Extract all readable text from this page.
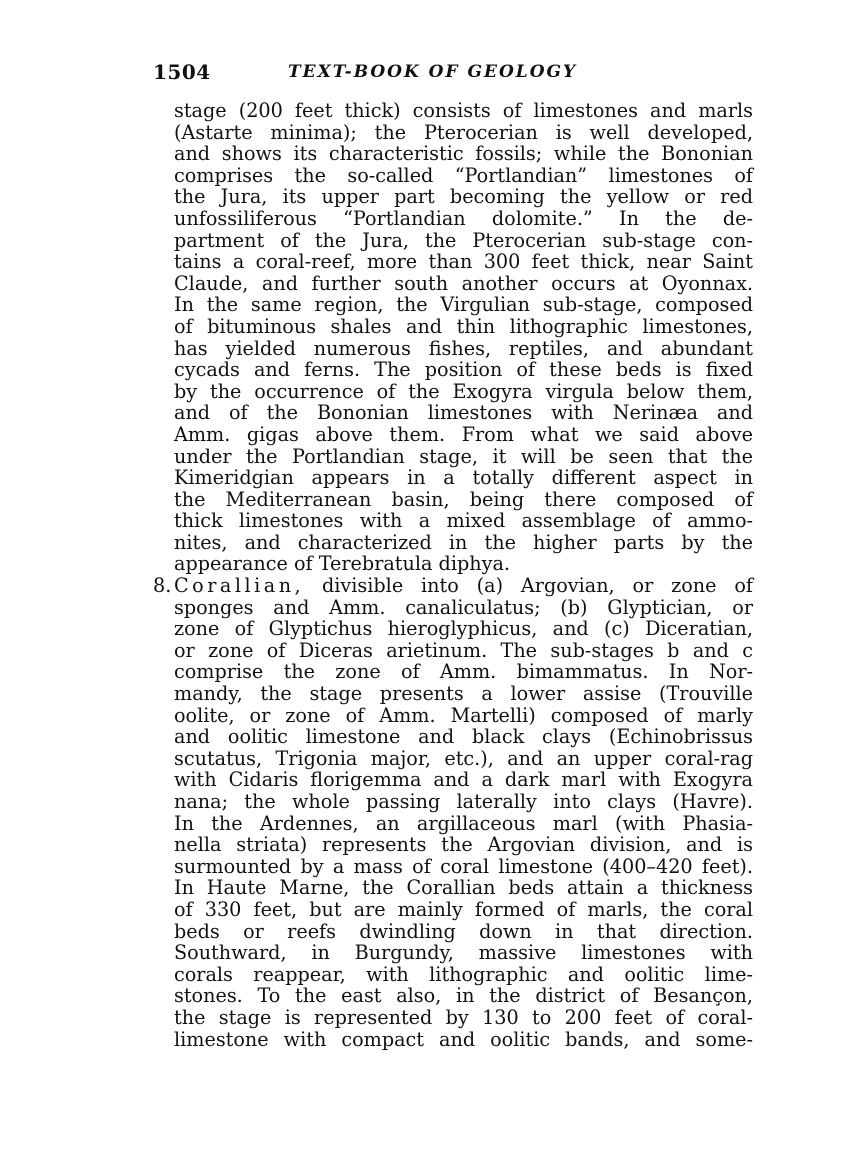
1504	TEXT-BOOK OF GEOLOGY
stage (200 feet thick) consists of limestones and marls
(Astarte minima); the Pterocerian is well developed,
and shows its characteristic fossils; while the Bononian
comprises the so-called “Portlandian” limestones of
the Jura, its upper part becoming the yellow or red
unfossiliferous “Portlandian dolomite.” In the de-
partment of the Jura, the Pterocerian sub-stage con-
tains a coral-reef, more than 300 feet thick, near Saint
Claude, and further south another occurs at Oyonnax.
In the same region, the Virgulian sub-stage, composed
of bituminous shales and thin lithographic limestones,
has yielded numerous fishes, reptiles, and abundant
cycads and ferns. The position of these beds is fixed
by the occurrence of the Exogyra virgula below them,
and of the Bononian limestones with Nerinæa and
Amm. gigas above them. From what we said above
under the Portlandian stage, it will be seen that the
Kimeridgian appears in a totally different aspect in
the Mediterranean basin, being there composed of
thick limestones with a mixed assemblage of ammo-
nites, and characterized in the higher parts by the
appearance of Terebratula diphya.
8. Corallian, divisible into (a) Argovian, or zone of
sponges and Amm. canaliculatus; (b) Glyptician, or
zone of Glyptichus hieroglyphicus, and (c) Diceratian,
or zone of Diceras arietinum. The sub-stages b and c
comprise the zone of Amm. bimammatus. In Nor-
mandy, the stage presents a lower assise (Trouville
oolite, or zone of Amm. Martelli) composed of marly
and oolitic limestone and black clays (Echinobrissus
scutatus, Trigonia major, etc.), and an upper coral-rag
with Cidaris florigemma and a dark marl with Exogyra
nana; the whole passing laterally into clays (Havre).
In the Ardennes, an argillaceous marl (with Phasia-
nella striata) represents the Argovian division, and is
surmounted by a mass of coral limestone (400–420 feet).
In Haute Marne, the Corallian beds attain a thickness
of 330 feet, but are mainly formed of marls, the coral
beds or reefs dwindling down in that direction.
Southward, in Burgundy, massive limestones with
corals reappear, with lithographic and oolitic lime-
stones. To the east also, in the district of Besançon,
the stage is represented by 130 to 200 feet of coral-
limestone with compact and oolitic bands, and some-
